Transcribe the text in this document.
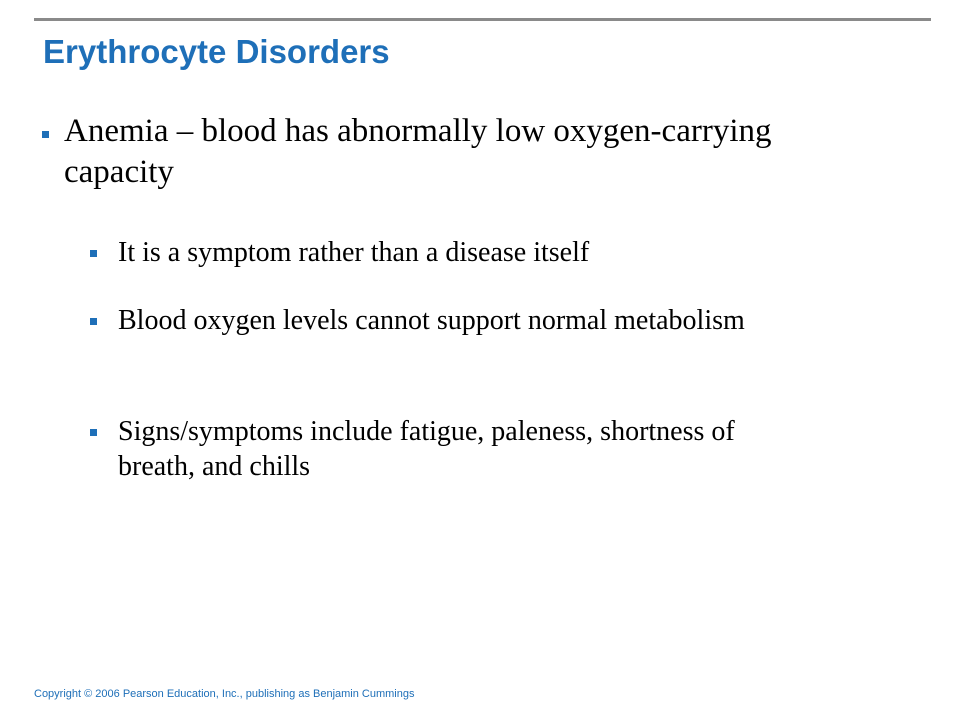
Erythrocyte Disorders
Anemia – blood has abnormally low oxygen-carrying capacity
It is a symptom rather than a disease itself
Blood oxygen levels cannot support normal metabolism
Signs/symptoms include fatigue, paleness, shortness of breath, and chills
Copyright © 2006 Pearson Education, Inc., publishing as Benjamin Cummings
